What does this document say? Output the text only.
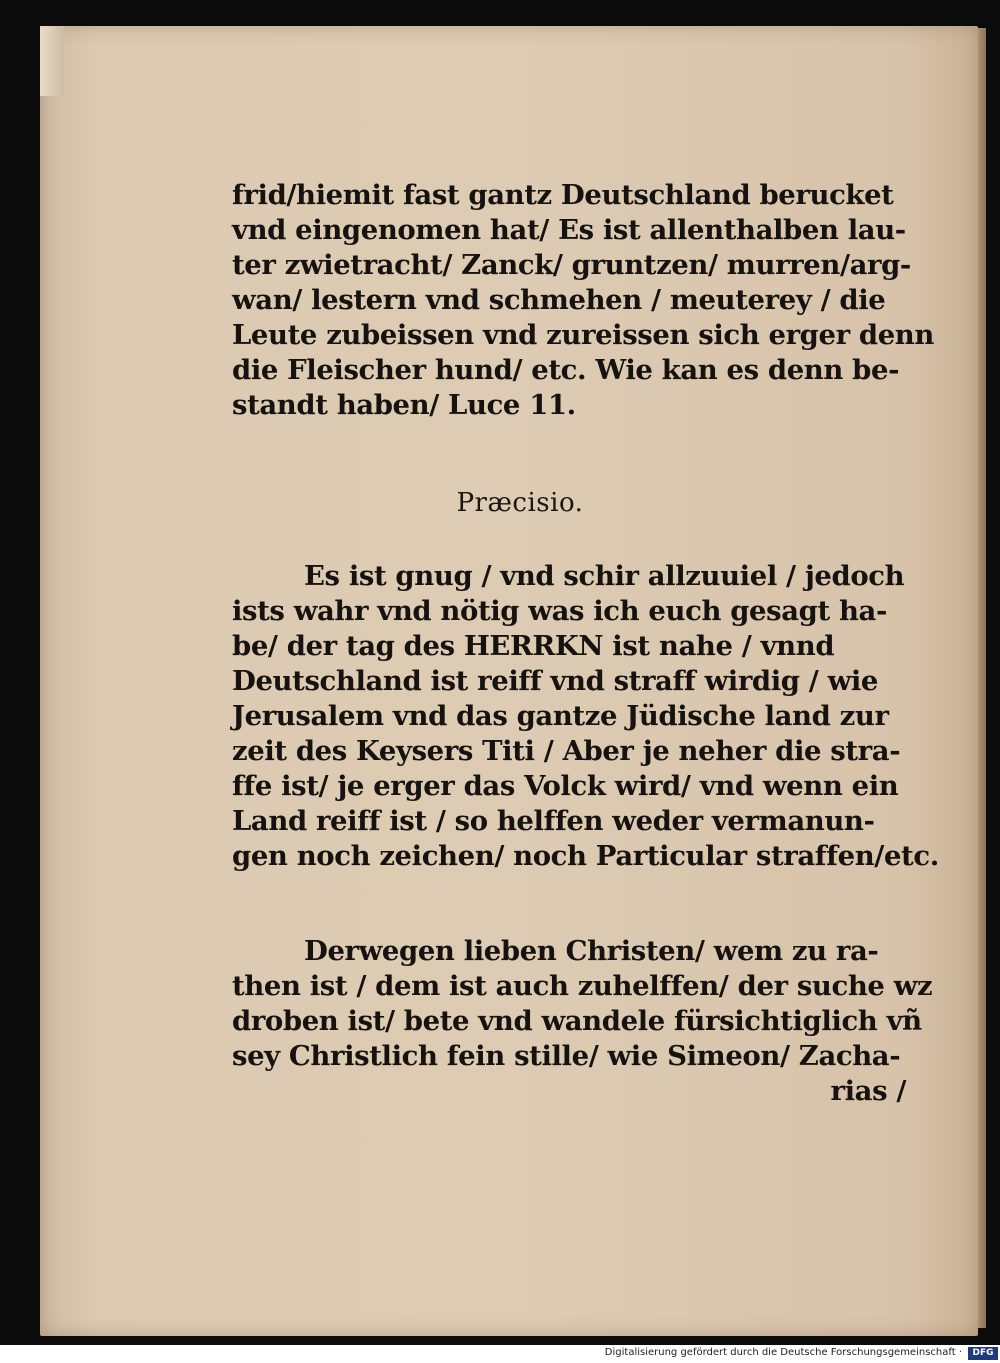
frid/hiemit fast gantz Deutschland berucket
vnd eingenomen hat/ Es ist allenthalben lau-
ter zwietracht/ Zanck/ gruntzen/ murren/arg-
wan/ lestern vnd schmehen / meuterey / die
Leute zubeissen vnd zureissen sich erger denn
die Fleischer hund/ etc. Wie kan es denn be-
standt haben/ Luce 11.
Præcisio.
Es ist gnug / vnd schir allzuuiel / jedoch
ists wahr vnd nötig was ich euch gesagt ha-
be/ der tag des HERRKN ist nahe / vnnd
Deutschland ist reiff vnd straff wirdig / wie
Jerusalem vnd das gantze Jüdische land zur
zeit des Keysers Titi / Aber je neher die stra-
ffe ist/ je erger das Volck wird/ vnd wenn ein
Land reiff ist / so helffen weder vermanun-
gen noch zeichen/ noch Particular straffen/etc.
Derwegen lieben Christen/ wem zu ra-
then ist / dem ist auch zuhelffen/ der suche wz
droben ist/ bete vnd wandele fürsichtiglich vñ
sey Christlich fein stille/ wie Simeon/ Zacha-
rias /
Digitalisierung gefördert durch die Deutsche Forschungsgemeinschaft ·	DFG
